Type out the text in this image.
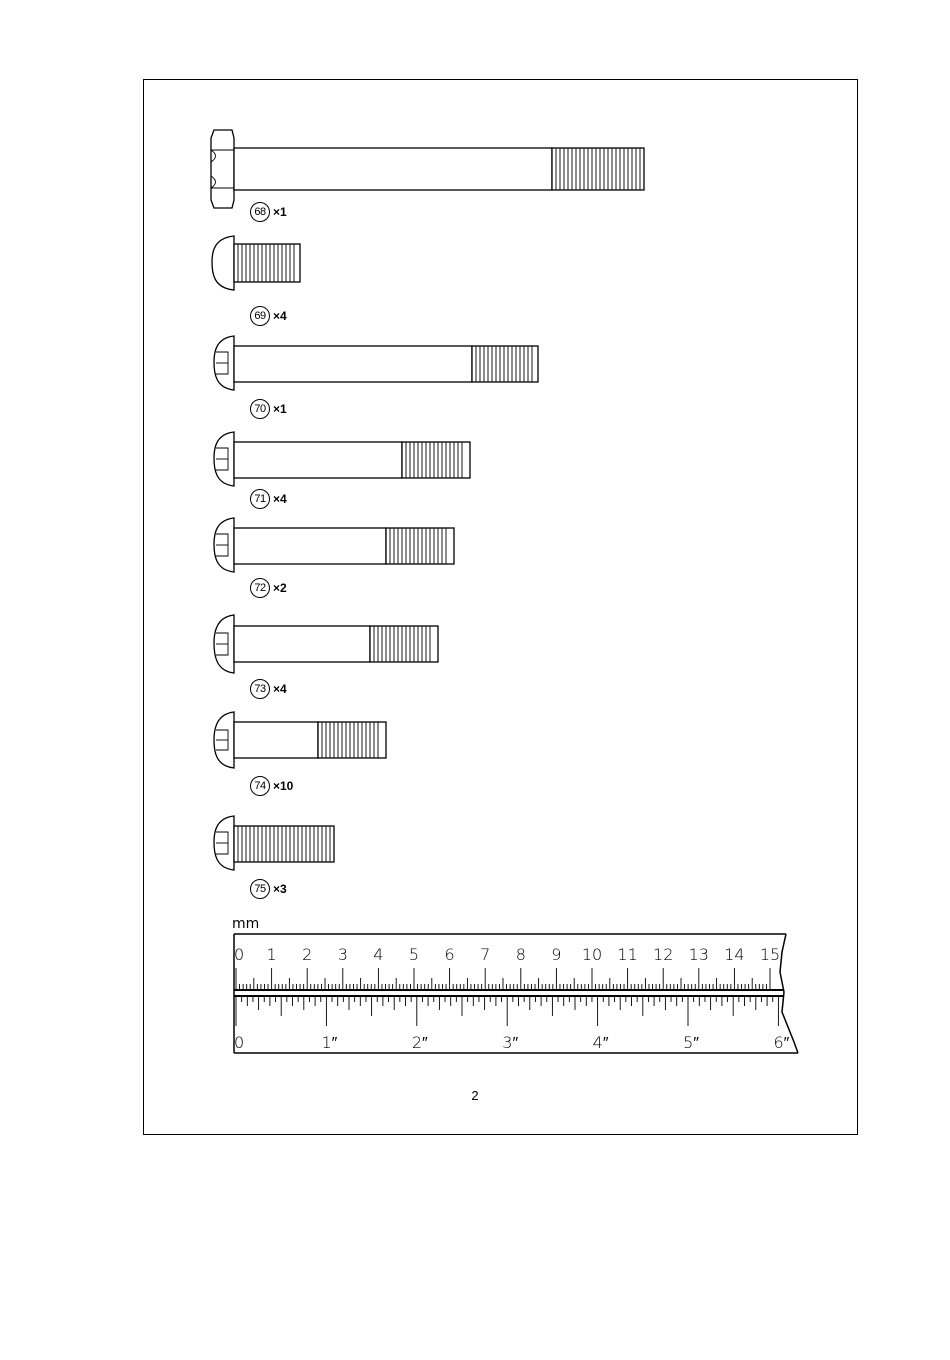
68 ×1
69 ×4
70 ×1
71 ×4
72 ×2
73 ×4
74 ×10
75 ×3
mm
0 1 2 3 4 5 6 7 8 9 10 11 12 13 14 15
0	1″	2″	3″	4″	5″	6″
2
